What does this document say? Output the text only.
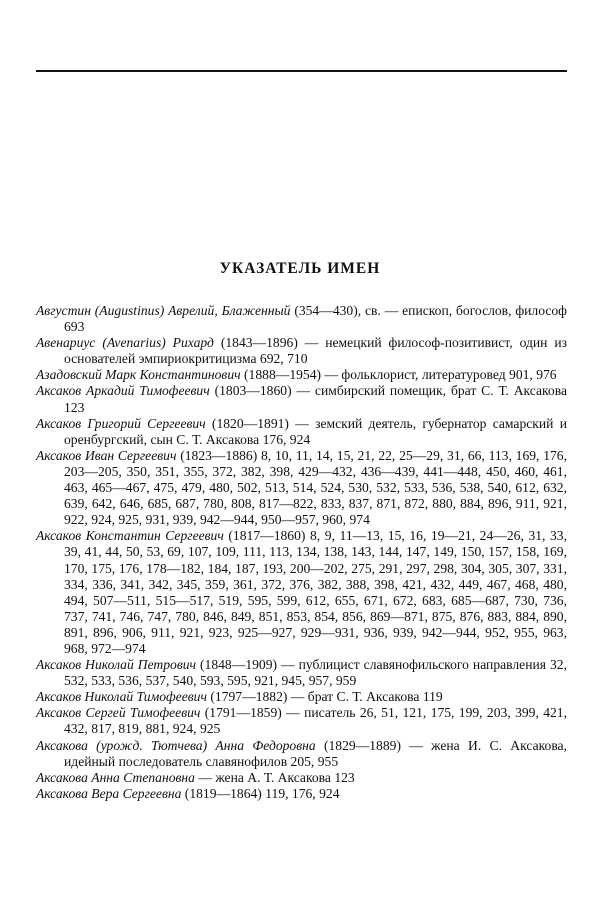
УКАЗАТЕЛЬ ИМЕН

Августин (Augustinus) Аврелий, Блаженный (354—430), св. — епископ, богослов, философ 693

Авенариус (Avenarius) Рихард (1843—1896) — немецкий философ-позитивист, один из основателей эмпириокритицизма 692, 710

Азадовский Марк Константинович (1888—1954) — фольклорист, литературовед 901, 976

Аксаков Аркадий Тимофеевич (1803—1860) — симбирский помещик, брат С. Т. Аксакова 123

Аксаков Григорий Сергеевич (1820—1891) — земский деятель, губернатор самарский и оренбургский, сын С. Т. Аксакова 176, 924

Аксаков Иван Сергеевич (1823—1886) 8, 10, 11, 14, 15, 21, 22, 25—29, 31, 66, 113, 169, 176, 203—205, 350, 351, 355, 372, 382, 398, 429—432, 436—439, 441—448, 450, 460, 461, 463, 465—467, 475, 479, 480, 502, 513, 514, 524, 530, 532, 533, 536, 538, 540, 612, 632, 639, 642, 646, 685, 687, 780, 808, 817—822, 833, 837, 871, 872, 880, 884, 896, 911, 921, 922, 924, 925, 931, 939, 942—944, 950—957, 960, 974

Аксаков Константин Сергеевич (1817—1860) 8, 9, 11—13, 15, 16, 19—21, 24—26, 31, 33, 39, 41, 44, 50, 53, 69, 107, 109, 111, 113, 134, 138, 143, 144, 147, 149, 150, 157, 158, 169, 170, 175, 176, 178—182, 184, 187, 193, 200—202, 275, 291, 297, 298, 304, 305, 307, 331, 334, 336, 341, 342, 345, 359, 361, 372, 376, 382, 388, 398, 421, 432, 449, 467, 468, 480, 494, 507—511, 515—517, 519, 595, 599, 612, 655, 671, 672, 683, 685—687, 730, 736, 737, 741, 746, 747, 780, 846, 849, 851, 853, 854, 856, 869—871, 875, 876, 883, 884, 890, 891, 896, 906, 911, 921, 923, 925—927, 929—931, 936, 939, 942—944, 952, 955, 963, 968, 972—974

Аксаков Николай Петрович (1848—1909) — публицист славянофильского направления 32, 532, 533, 536, 537, 540, 593, 595, 921, 945, 957, 959

Аксаков Николай Тимофеевич (1797—1882) — брат С. Т. Аксакова 119

Аксаков Сергей Тимофеевич (1791—1859) — писатель 26, 51, 121, 175, 199, 203, 399, 421, 432, 817, 819, 881, 924, 925

Аксакова (урожд. Тютчева) Анна Федоровна (1829—1889) — жена И. С. Аксакова, идейный последователь славянофилов 205, 955

Аксакова Анна Степановна — жена А. Т. Аксакова 123

Аксакова Вера Сергеевна (1819—1864) 119, 176, 924
